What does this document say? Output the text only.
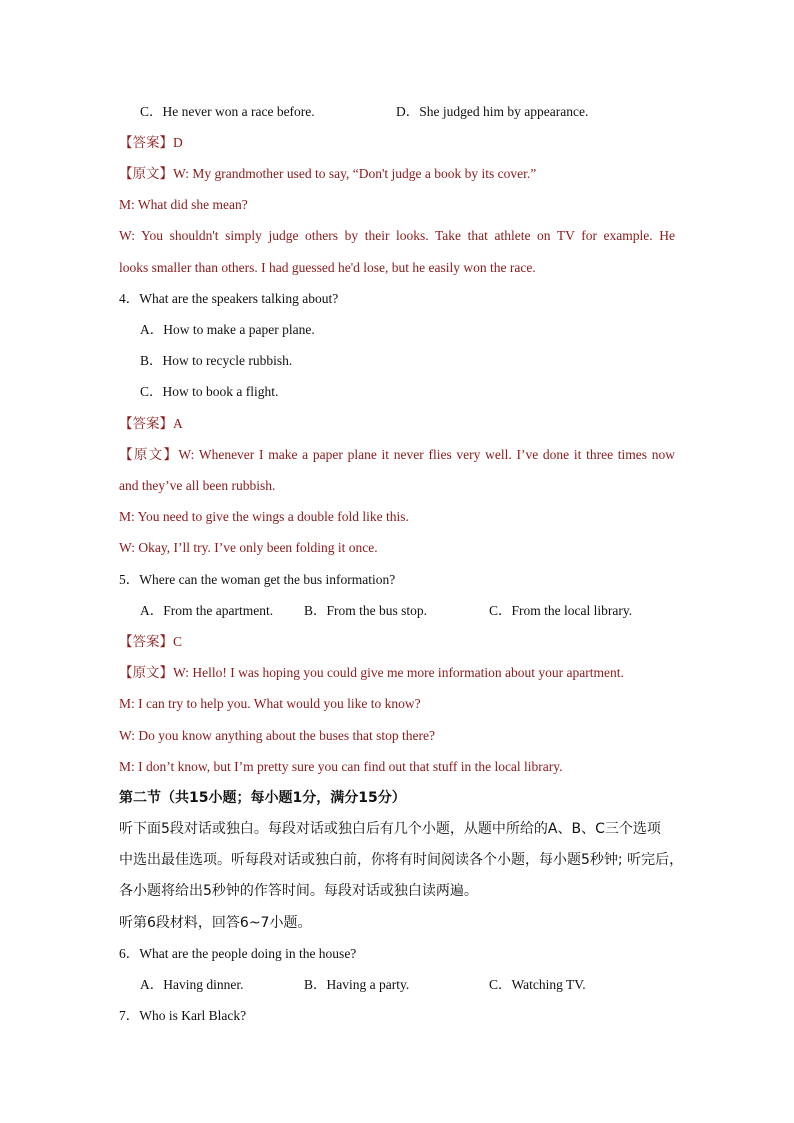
C．He never won a race before.	D．She judged him by appearance.
【答案】D
【原文】W: My grandmother used to say, “Don't judge a book by its cover.”
M: What did she mean?
W: You shouldn't simply judge others by their looks. Take that athlete on TV for example. He
looks smaller than others. I had guessed he'd lose, but he easily won the race.
4．What are the speakers talking about?
A．How to make a paper plane.
B．How to recycle rubbish.
C．How to book a flight.
【答案】A
【原文】W: Whenever I make a paper plane it never flies very well. I’ve done it three times now
and they’ve all been rubbish.
M: You need to give the wings a double fold like this.
W: Okay, I’ll try. I’ve only been folding it once.
5．Where can the woman get the bus information?
A．From the apartment. B．From the bus stop.	C．From the local library.
【答案】C
【原文】W: Hello! I was hoping you could give me more information about your apartment.
M: I can try to help you. What would you like to know?
W: Do you know anything about the buses that stop there?
M: I don’t know, but I’m pretty sure you can find out that stuff in the local library.
第二节（共15小题；每小题1分，满分15分）
听下面5段对话或独白。每段对话或独白后有几个小题，从题中所给的A、B、C三个选项
中选出最佳选项。听每段对话或独白前，你将有时间阅读各个小题，每小题5秒钟; 听完后，
各小题将给出5秒钟的作答时间。每段对话或独白读两遍。
听第6段材料，回答6~7小题。
6．What are the people doing in the house?
A．Having dinner.	B．Having a party.	C．Watching TV.
7．Who is Karl Black?
